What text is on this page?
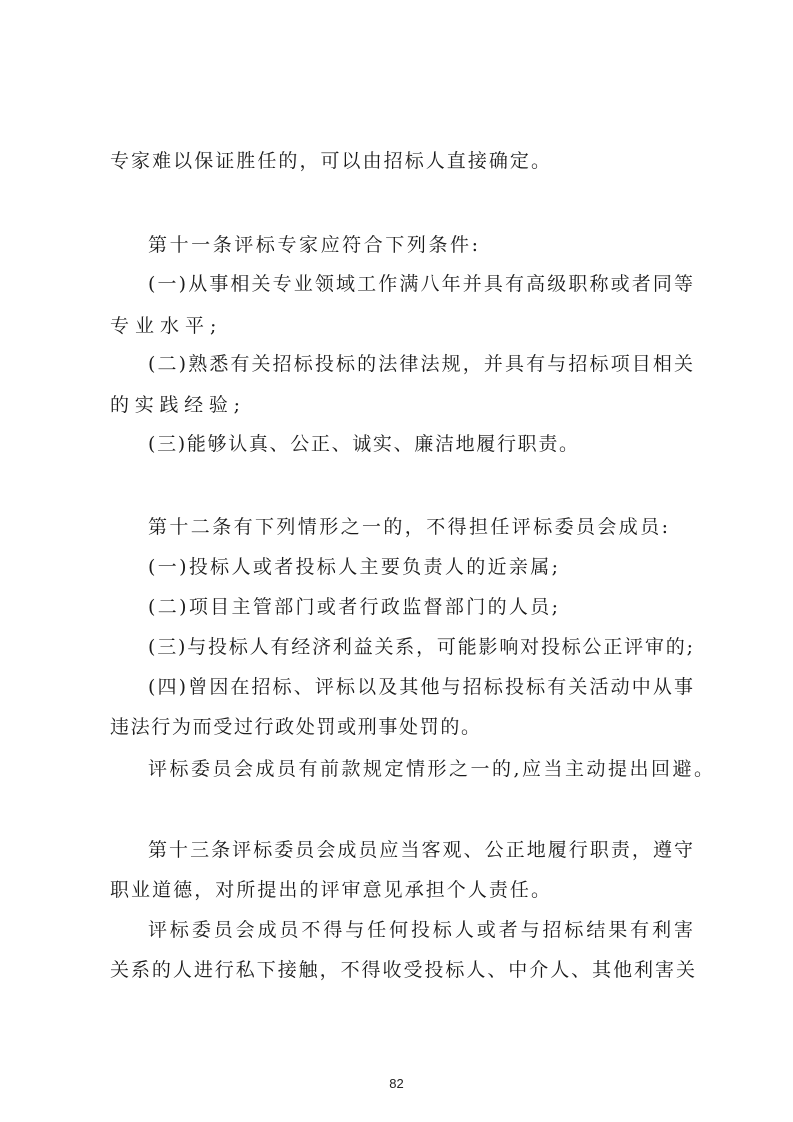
专家难以保证胜任的，可以由招标人直接确定。
第十一条评标专家应符合下列条件:
(一)从事相关专业领域工作满八年并具有高级职称或者同等
专业水平;
(二)熟悉有关招标投标的法律法规，并具有与招标项目相关
的实践经验;
(三)能够认真、公正、诚实、廉洁地履行职责。
第十二条有下列情形之一的，不得担任评标委员会成员:
(一)投标人或者投标人主要负责人的近亲属;
(二)项目主管部门或者行政监督部门的人员;
(三)与投标人有经济利益关系，可能影响对投标公正评审的;
(四)曾因在招标、评标以及其他与招标投标有关活动中从事
违法行为而受过行政处罚或刑事处罚的。
评标委员会成员有前款规定情形之一的,应当主动提出回避。
第十三条评标委员会成员应当客观、公正地履行职责，遵守
职业道德，对所提出的评审意见承担个人责任。
评标委员会成员不得与任何投标人或者与招标结果有利害
关系的人进行私下接触，不得收受投标人、中介人、其他利害关
82
